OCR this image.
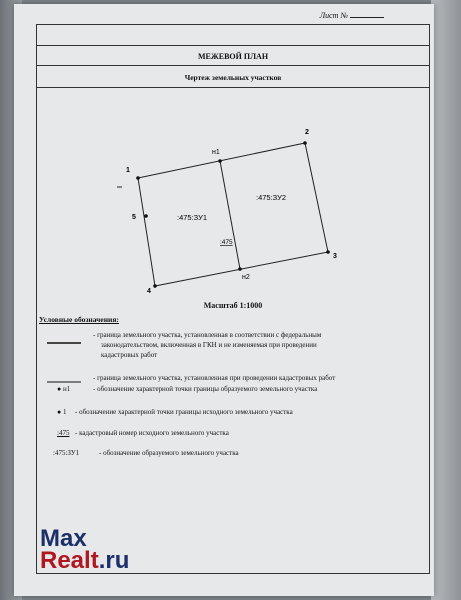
Лист №
МЕЖЕВОЙ ПЛАН
Чертеж земельных участков
1
2
3
4
5
н1
н2
:475:ЗУ1
:475:ЗУ2
:475
Масштаб 1:1000
Условные обозначения:
- граница земельного участка, установленная в соответствии с федеральным
законодательством, включенная в ГКН и не изменяемая при проведении
кадастровых работ
- граница земельного участка, установленная при проведении кадастровых работ
● н1	- обозначение характерной точки границы образуемого земельного участка
● 1 - обозначение характерной точки границы исходного земельного участка
:475 - кадастровый номер исходного земельного участка
:475:ЗУ1	- обозначение образуемого земельного участка
Max
Realt.ru
